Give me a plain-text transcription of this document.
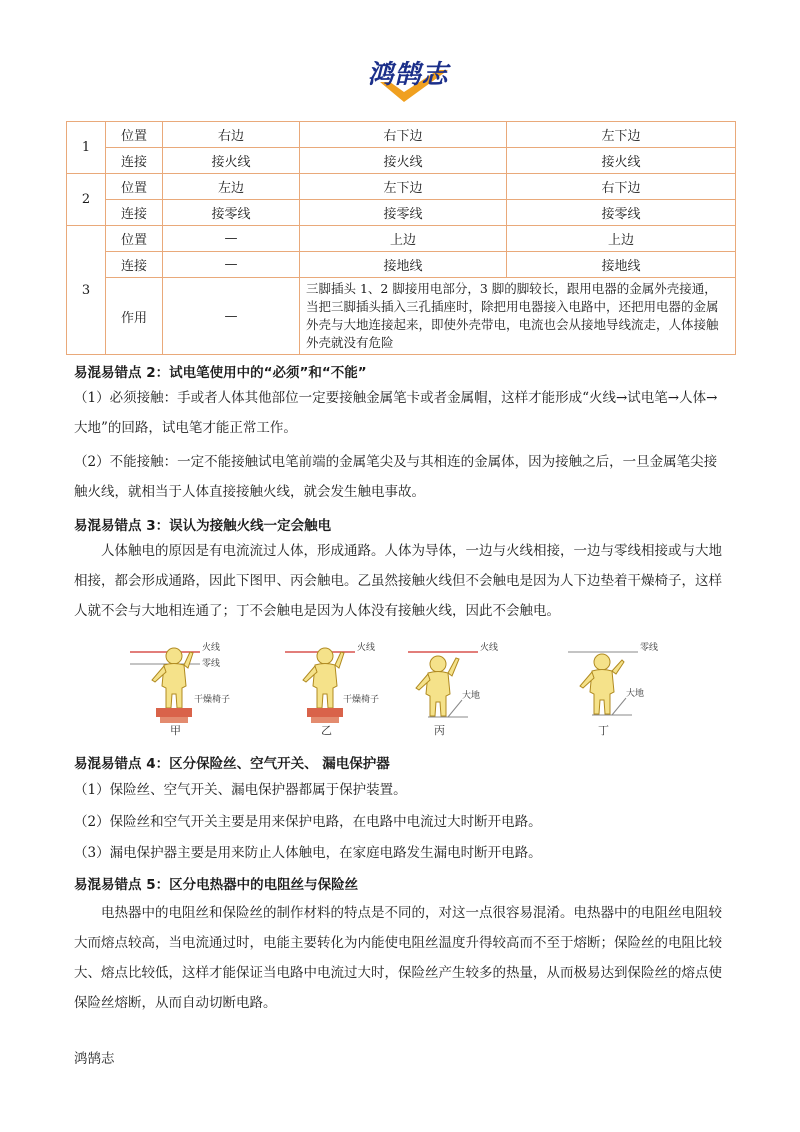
鸿鹄志
1	位置	右边	右下边	左下边
	连接	接火线	接火线	接火线
2	位置	左边	左下边	右下边
	连接	接零线	接零线	接零线
3	位置	—	上边	上边
	连接	—	接地线	接地线
	作用	—	三脚插头 1、2 脚接用电部分，3 脚的脚较长，跟用电器的金属外壳接通，当把三脚插头插入三孔插座时，除把用电器接入电路中，还把用电器的金属外壳与大地连接起来，即使外壳带电，电流也会从接地导线流走，人体接触外壳就没有危险	
易混易错点 2：试电笔使用中的“必须”和“不能”

（1）必须接触：手或者人体其他部位一定要接触金属笔卡或者金属帽，这样才能形成“火线→试电笔→人体→大地”的回路，试电笔才能正常工作。

（2）不能接触：一定不能接触试电笔前端的金属笔尖及与其相连的金属体，因为接触之后，一旦金属笔尖接触火线，就相当于人体直接接触火线，就会发生触电事故。

易混易错点 3：误认为接触火线一定会触电

人体触电的原因是有电流流过人体，形成通路。人体为导体，一边与火线相接，一边与零线相接或与大地相接，都会形成通路，因此下图甲、丙会触电。乙虽然接触火线但不会触电是因为人下边垫着干燥椅子，这样人就不会与大地相连通了；丁不会触电是因为人体没有接触火线，因此不会触电。

火线
零线
干燥椅子
甲
火线
干燥椅子
乙
火线
大地
丙
零线
大地
丁
易混易错点 4：区分保险丝、空气开关、 漏电保护器

（1）保险丝、空气开关、漏电保护器都属于保护装置。

（2）保险丝和空气开关主要是用来保护电路，在电路中电流过大时断开电路。

（3）漏电保护器主要是用来防止人体触电，在家庭电路发生漏电时断开电路。

易混易错点 5：区分电热器中的电阻丝与保险丝

电热器中的电阻丝和保险丝的制作材料的特点是不同的，对这一点很容易混淆。电热器中的电阻丝电阻较大而熔点较高，当电流通过时，电能主要转化为内能使电阻丝温度升得较高而不至于熔断；保险丝的电阻比较大、熔点比较低，这样才能保证当电路中电流过大时，保险丝产生较多的热量，从而极易达到保险丝的熔点使保险丝熔断，从而自动切断电路。

鸿鹄志
